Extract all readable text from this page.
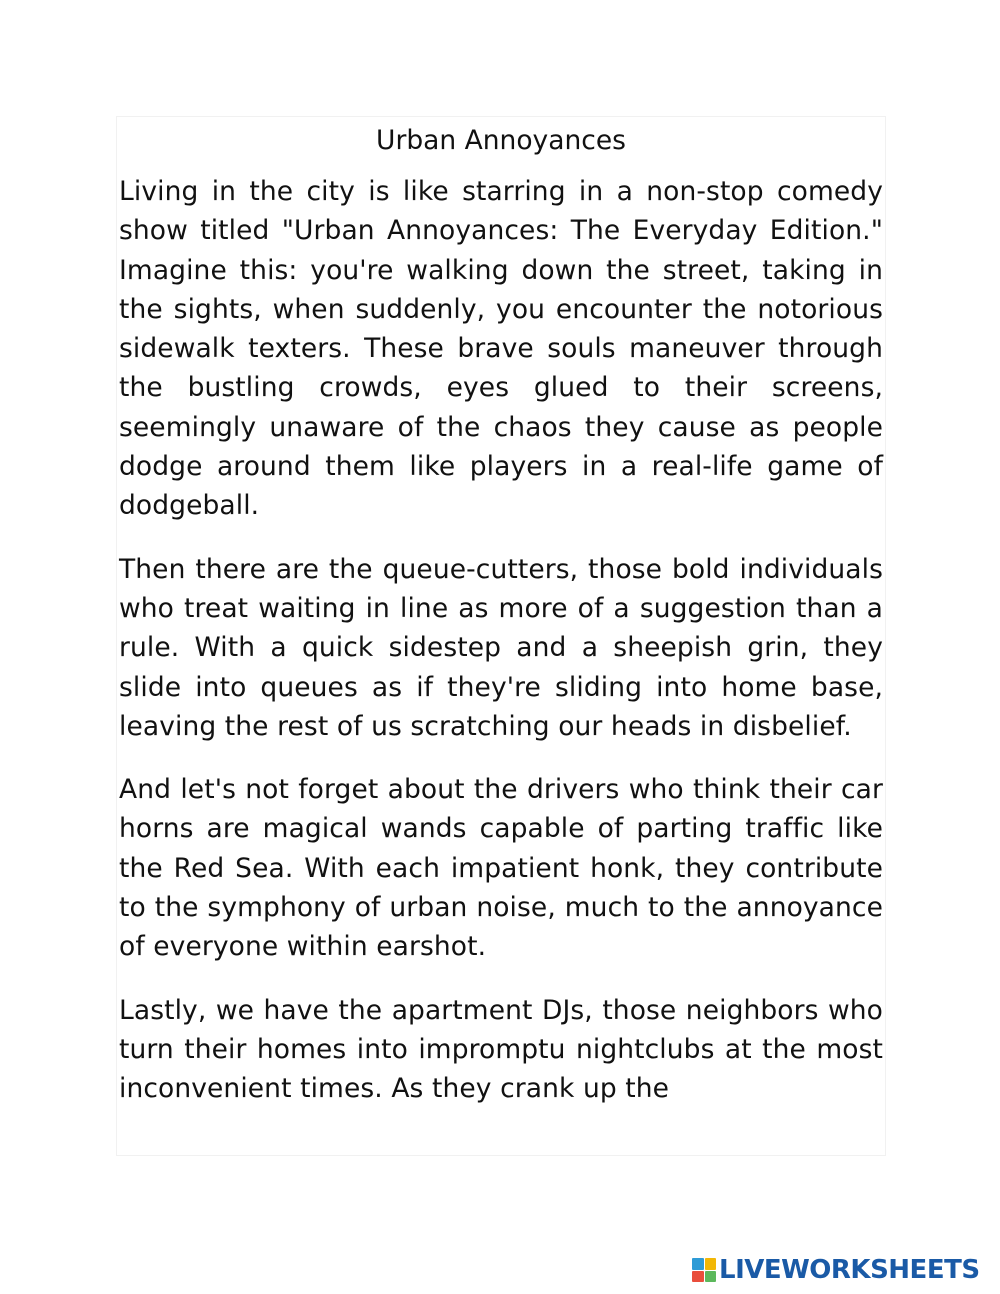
Urban Annoyances

Living in the city is like starring in a non-stop comedy show titled "Urban Annoyances: The Everyday Edition." Imagine this: you're walking down the street, taking in the sights, when suddenly, you encounter the notorious sidewalk texters. These brave souls maneuver through the bustling crowds, eyes glued to their screens, seemingly unaware of the chaos they cause as people dodge around them like players in a real-life game of dodgeball.

Then there are the queue-cutters, those bold individuals who treat waiting in line as more of a suggestion than a rule. With a quick sidestep and a sheepish grin, they slide into queues as if they're sliding into home base, leaving the rest of us scratching our heads in disbelief.

And let's not forget about the drivers who think their car horns are magical wands capable of parting traffic like the Red Sea. With each impatient honk, they contribute to the symphony of urban noise, much to the annoyance of everyone within earshot.

Lastly, we have the apartment DJs, those neighbors who turn their homes into impromptu nightclubs at the most inconvenient times. As they crank up the

LIVEWORKSHEETS
